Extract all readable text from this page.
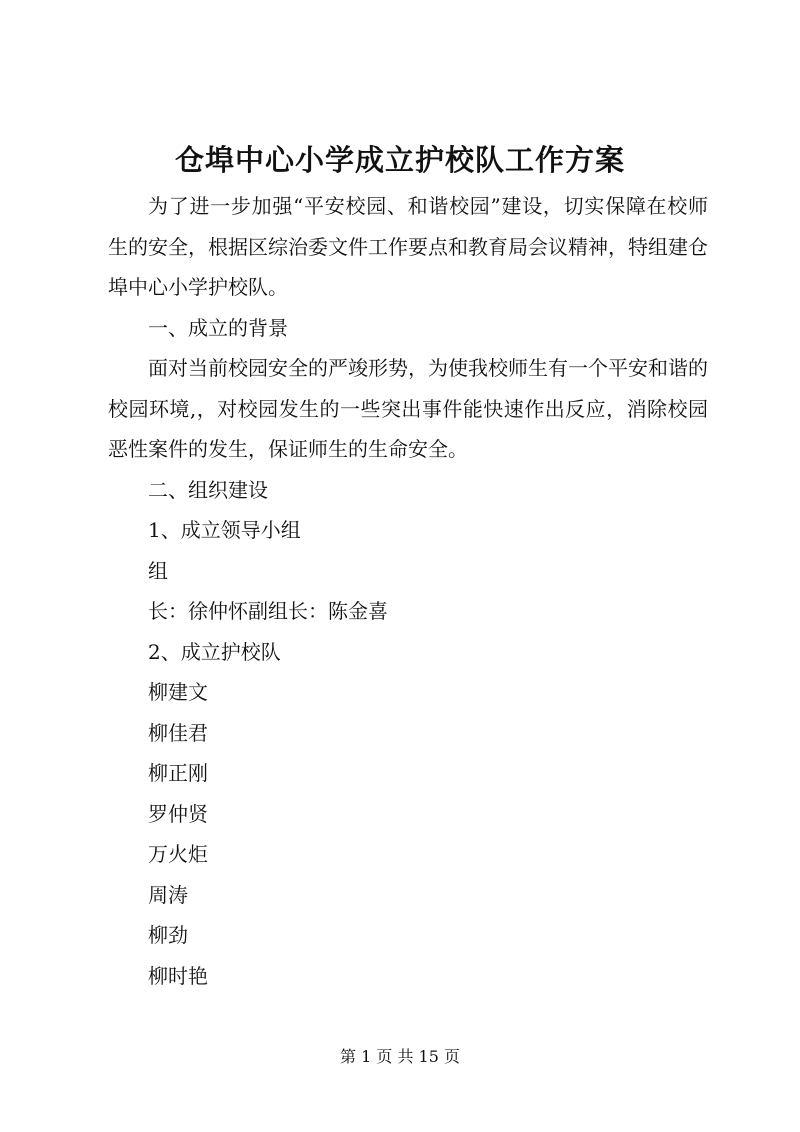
仓埠中心小学成立护校队工作方案

为了进一步加强“平安校园、和谐校园”建设，切实保障在校师生的安全，根据区综治委文件工作要点和教育局会议精神，特组建仓埠中心小学护校队。

一、成立的背景

面对当前校园安全的严竣形势，为使我校师生有一个平安和谐的校园环境,，对校园发生的一些突出事件能快速作出反应，消除校园恶性案件的发生，保证师生的生命安全。

二、组织建设

1、成立领导小组

组

长：徐仲怀副组长：陈金喜

2、成立护校队

柳建文

柳佳君

柳正刚

罗仲贤

万火炬

周涛

柳劲

柳时艳

第 1 页 共 15 页
